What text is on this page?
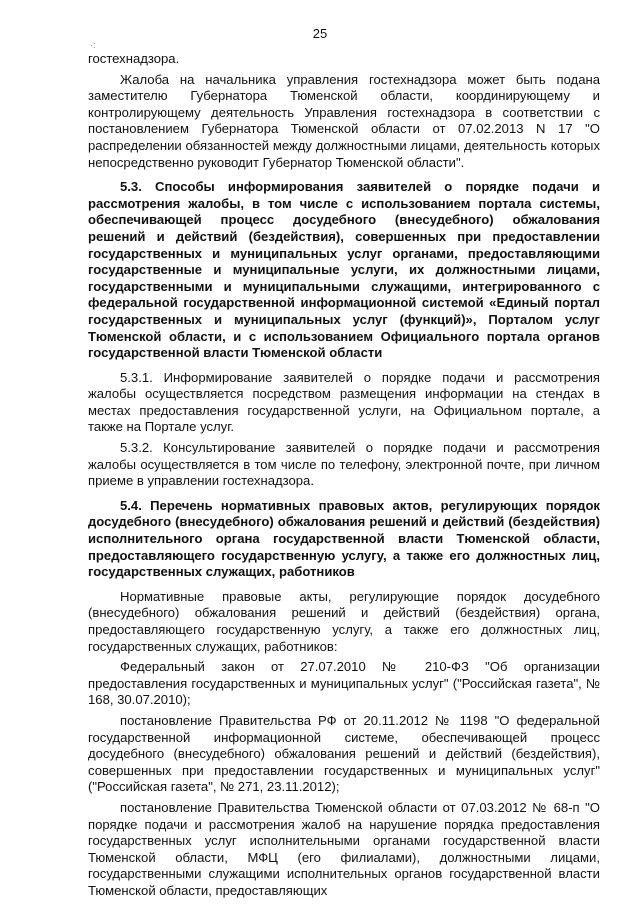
25
·:

гостехнадзора.

Жалоба на начальника управления гостехнадзора может быть подана заместителю Губернатора Тюменской области, координирующему и контролирующему деятельность Управления гостехнадзора в соответствии с постановлением Губернатора Тюменской области от 07.02.2013 N 17 "О распределении обязанностей между должностными лицами, деятельность которых непосредственно руководит Губернатор Тюменской области".

5.3. Способы информирования заявителей о порядке подачи и рассмотрения жалобы, в том числе с использованием портала системы, обеспечивающей процесс досудебного (внесудебного) обжалования решений и действий (бездействия), совершенных при предоставлении государственных и муниципальных услуг органами, предоставляющими государственные и муниципальные услуги, их должностными лицами, государственными и муниципальными служащими, интегрированного с федеральной государственной информационной системой «Единый портал государственных и муниципальных услуг (функций)», Порталом услуг Тюменской области, и с использованием Официального портала органов государственной власти Тюменской области

5.3.1. Информирование заявителей о порядке подачи и рассмотрения жалобы осуществляется посредством размещения информации на стендах в местах предоставления государственной услуги, на Официальном портале, а также на Портале услуг.

5.3.2. Консультирование заявителей о порядке подачи и рассмотрения жалобы осуществляется в том числе по телефону, электронной почте, при личном приеме в управлении гостехнадзора.

5.4. Перечень нормативных правовых актов, регулирующих порядок досудебного (внесудебного) обжалования решений и действий (бездействия) исполнительного органа государственной власти Тюменской области, предоставляющего государственную услугу, а также его должностных лиц, государственных служащих, работников

Нормативные правовые акты, регулирующие порядок досудебного (внесудебного) обжалования решений и действий (бездействия) органа, предоставляющего государственную услугу, а также его должностных лиц, государственных служащих, работников:

Федеральный закон от 27.07.2010 № 210-ФЗ "Об организации предоставления государственных и муниципальных услуг" ("Российская газета", № 168, 30.07.2010);

постановление Правительства РФ от 20.11.2012 № 1198 "О федеральной государственной информационной системе, обеспечивающей процесс досудебного (внесудебного) обжалования решений и действий (бездействия), совершенных при предоставлении государственных и муниципальных услуг" ("Российская газета", № 271, 23.11.2012);

постановление Правительства Тюменской области от 07.03.2012 № 68-п "О порядке подачи и рассмотрения жалоб на нарушение порядка предоставления государственных услуг исполнительными органами государственной власти Тюменской области, МФЦ (его филиалами), должностными лицами, государственными служащими исполнительных органов государственной власти Тюменской области, предоставляющих
